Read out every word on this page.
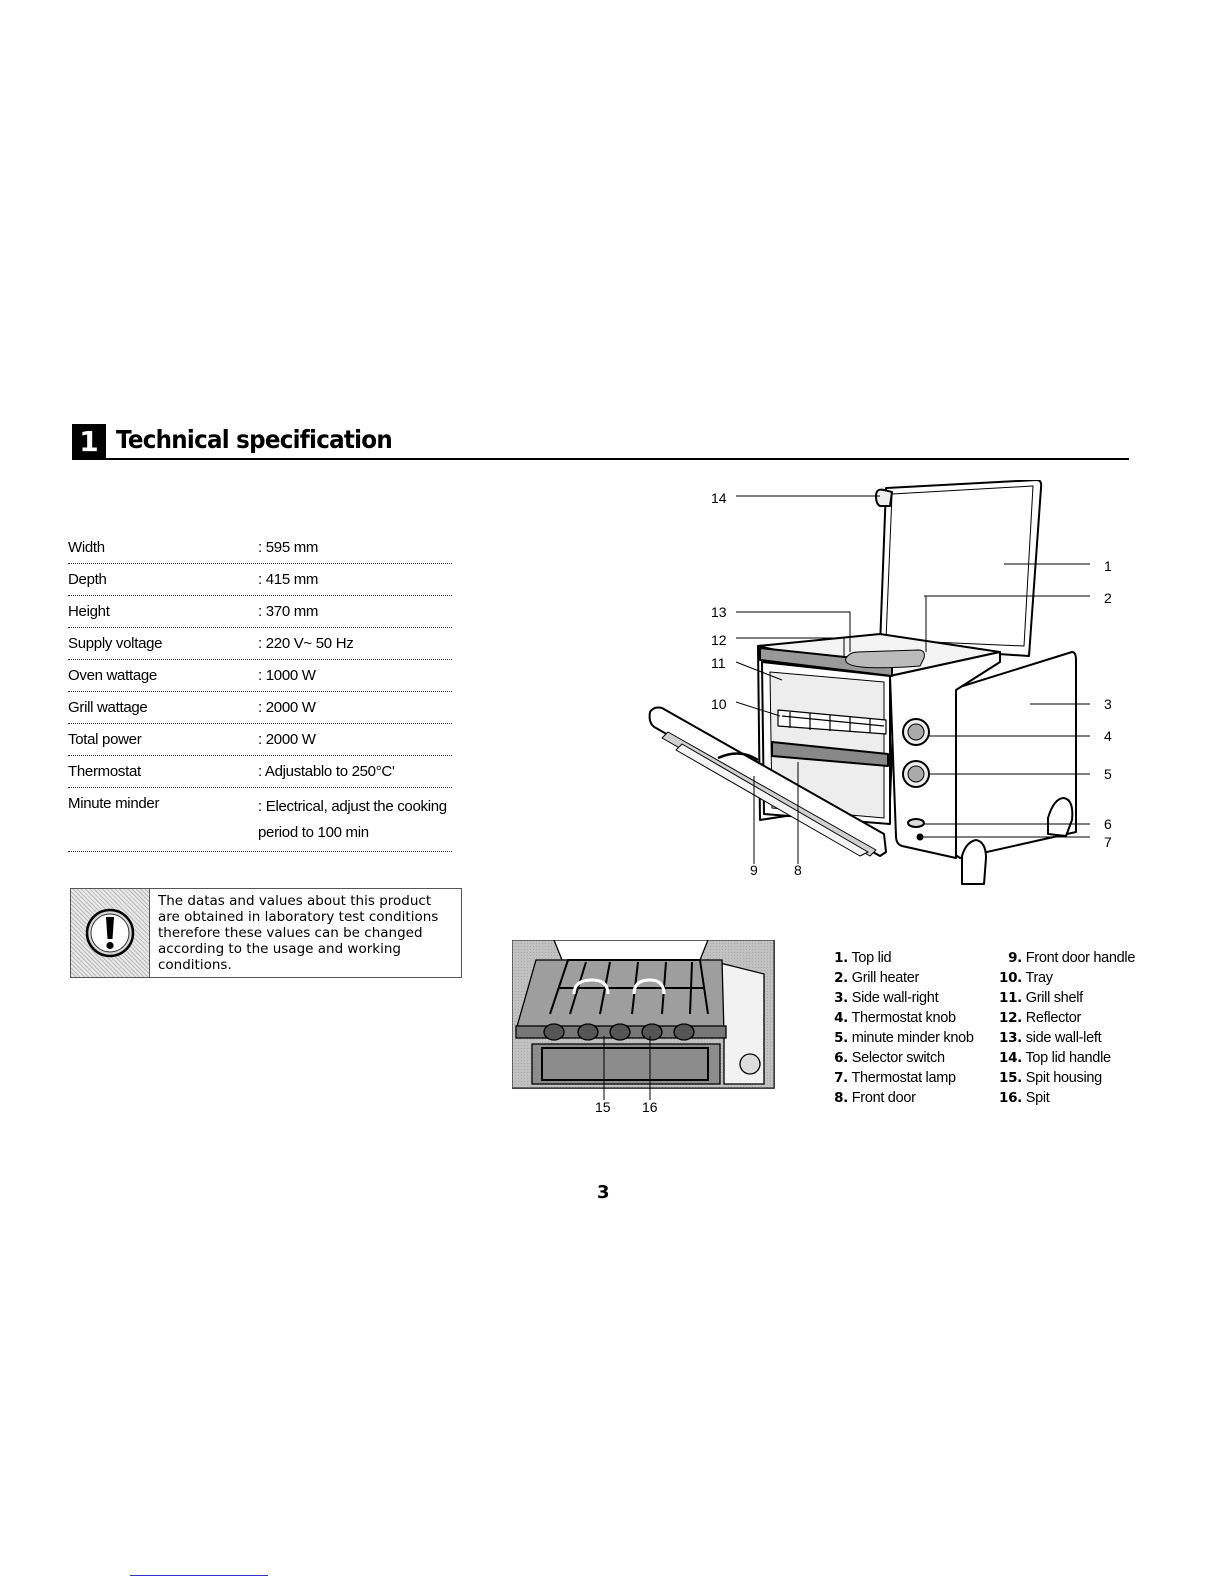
1 Technical specification
Width	: 595 mm
Depth	: 415 mm
Height	: 370 mm
Supply voltage	: 220 V~ 50 Hz
Oven wattage	: 1000 W
Grill wattage	: 2000 W
Total power	: 2000 W
Thermostat	: Adjustablo to 250°C'
Minute minder	: Electrical, adjust the cooking period to 100 min
The datas and values about this product are obtained in laboratory test conditions therefore these values can be changed according to the usage and working conditions.
14
1
2
13
12
11
10	3
4
5
6
7
9	8
15 16
1. Top lid
2. Grill heater
3. Side wall-right
4. Thermostat knob
5. minute minder knob
6. Selector switch
7. Thermostat lamp
8. Front door
9. Front door handle
10. Tray
11. Grill shelf
12. Reflector
13. side wall-left
14. Top lid handle
15. Spit housing
16. Spit
3
